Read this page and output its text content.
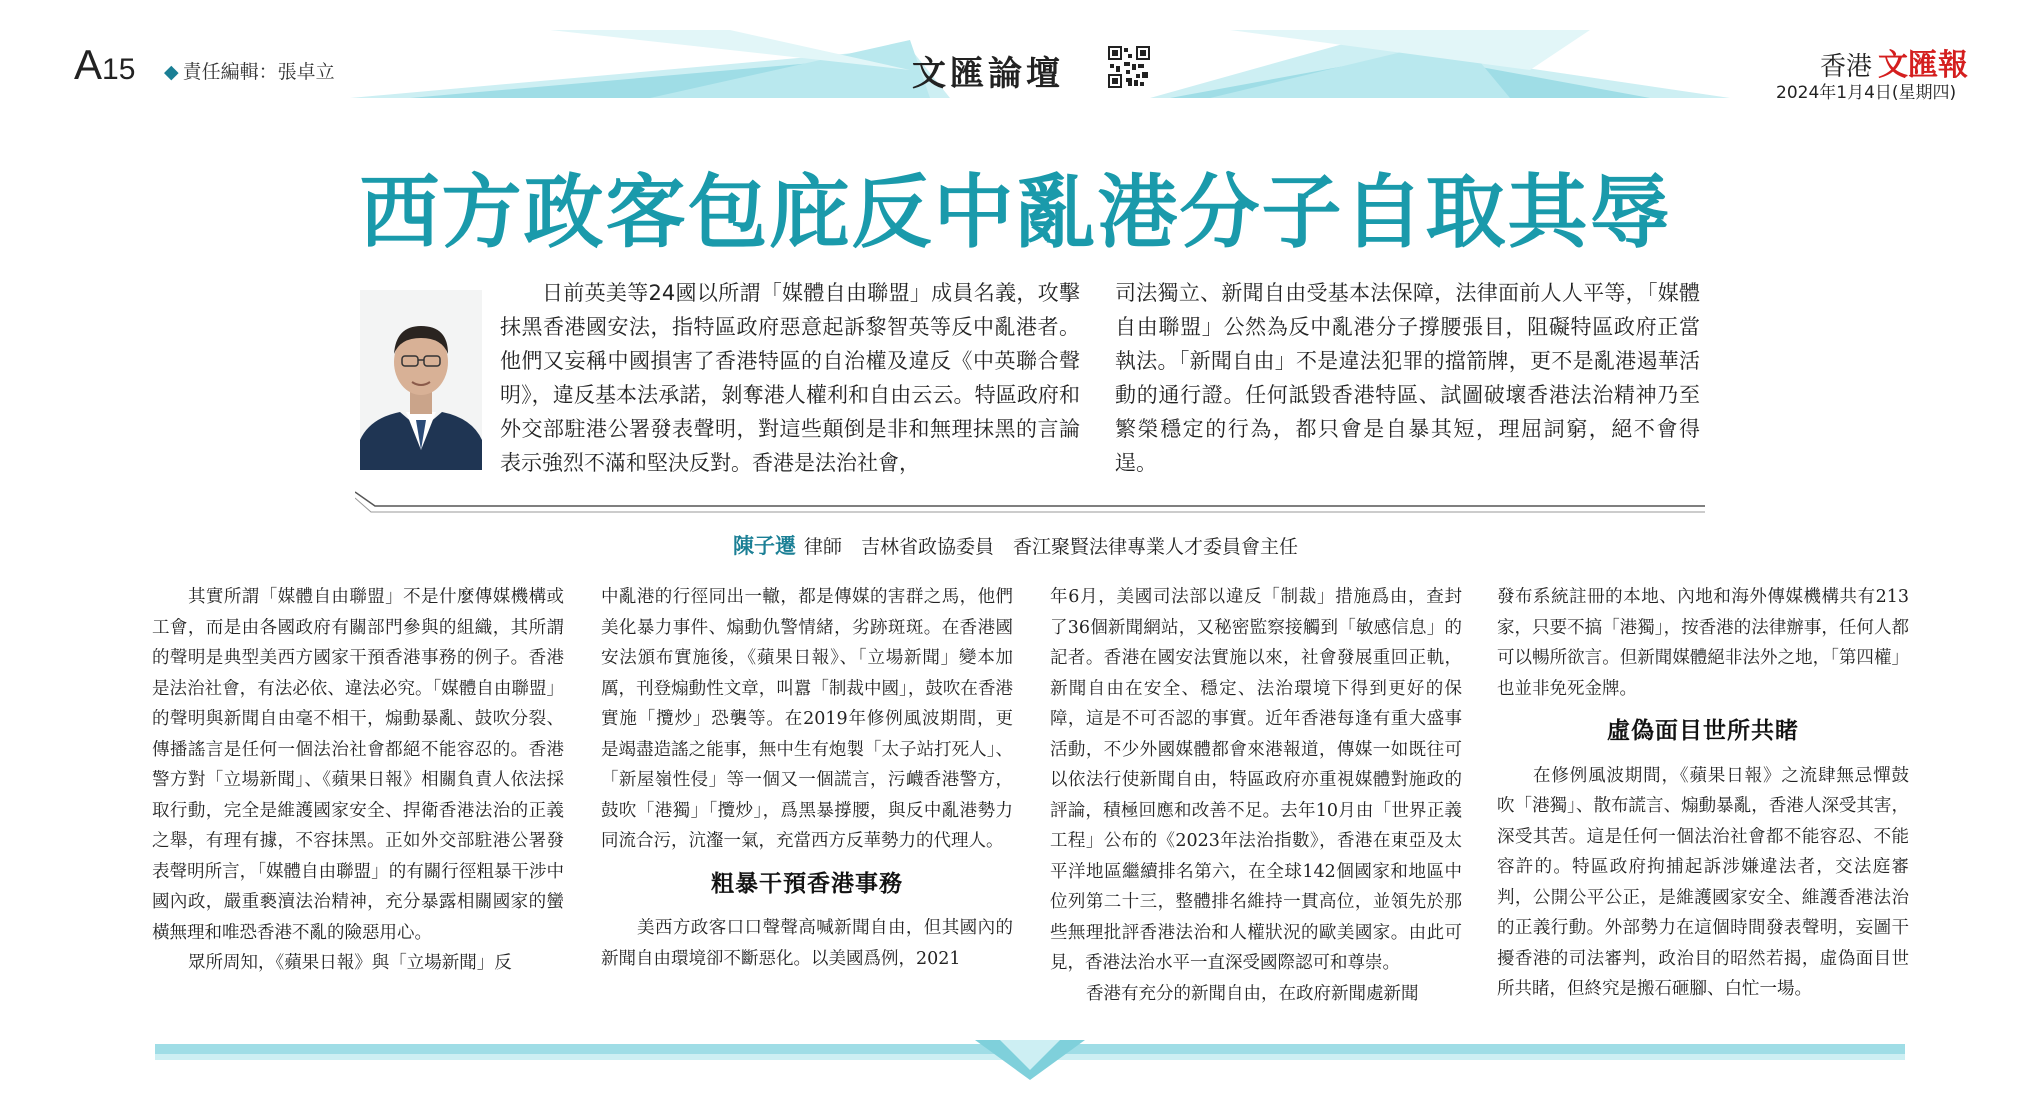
A15 ◆ 責任編輯：張卓立	文匯論壇	香港 文匯報
2024年1月4日(星期四)
西方政客包庇反中亂港分子自取其辱
日前英美等24國以所謂「媒體自由聯盟」成員名義，攻擊抹黑香港國安法，指特區政府惡意起訴黎智英等反中亂港者。他們又妄稱中國損害了香港特區的自治權及違反《中英聯合聲明》，違反基本法承諾，剝奪港人權利和自由云云。特區政府和外交部駐港公署發表聲明，對這些顛倒是非和無理抹黑的言論表示強烈不滿和堅決反對。香港是法治社會，
司法獨立、新聞自由受基本法保障，法律面前人人平等，「媒體自由聯盟」公然為反中亂港分子撐腰張目，阻礙特區政府正當執法。「新聞自由」不是違法犯罪的擋箭牌，更不是亂港遏華活動的通行證。任何詆毀香港特區、試圖破壞香港法治精神乃至繁榮穩定的行為，都只會是自暴其短，理屈詞窮，絕不會得逞。
陳子遷 律師　吉林省政協委員　香江聚賢法律專業人才委員會主任

其實所謂「媒體自由聯盟」不是什麼傳媒機構或工會，而是由各國政府有關部門參與的組織，其所謂的聲明是典型美西方國家干預香港事務的例子。香港是法治社會，有法必依、違法必究。「媒體自由聯盟」的聲明與新聞自由毫不相干，煽動暴亂、鼓吹分裂、傳播謠言是任何一個法治社會都絕不能容忍的。香港警方對「立場新聞」、《蘋果日報》相關負責人依法採取行動，完全是維護國家安全、捍衛香港法治的正義之舉，有理有據，不容抹黑。正如外交部駐港公署發表聲明所言，「媒體自由聯盟」的有關行徑粗暴干涉中國內政，嚴重褻瀆法治精神，充分暴露相關國家的蠻橫無理和唯恐香港不亂的險惡用心。

眾所周知，《蘋果日報》與「立場新聞」反

中亂港的行徑同出一轍，都是傳媒的害群之馬，他們美化暴力事件、煽動仇警情緒，劣跡斑斑。在香港國安法頒布實施後，《蘋果日報》、「立場新聞」變本加厲，刊登煽動性文章，叫囂「制裁中國」，鼓吹在香港實施「攬炒」恐襲等。在2019年修例風波期間，更是竭盡造謠之能事，無中生有炮製「太子站打死人」、「新屋嶺性侵」等一個又一個謊言，污衊香港警方，鼓吹「港獨」「攬炒」，爲黑暴撐腰，與反中亂港勢力同流合污，沆瀣一氣，充當西方反華勢力的代理人。

粗暴干預香港事務

美西方政客口口聲聲高喊新聞自由，但其國內的新聞自由環境卻不斷惡化。以美國爲例，2021

年6月，美國司法部以違反「制裁」措施爲由，查封了36個新聞網站，又秘密監察接觸到「敏感信息」的記者。香港在國安法實施以來，社會發展重回正軌，新聞自由在安全、穩定、法治環境下得到更好的保障，這是不可否認的事實。近年香港每逢有重大盛事活動，不少外國媒體都會來港報道，傳媒一如既往可以依法行使新聞自由，特區政府亦重視媒體對施政的評論，積極回應和改善不足。去年10月由「世界正義工程」公布的《2023年法治指數》，香港在東亞及太平洋地區繼續排名第六，在全球142個國家和地區中位列第二十三，整體排名維持一貫高位，並領先於那些無理批評香港法治和人權狀況的歐美國家。由此可見，香港法治水平一直深受國際認可和尊崇。

香港有充分的新聞自由，在政府新聞處新聞

發布系統註冊的本地、內地和海外傳媒機構共有213家，只要不搞「港獨」，按香港的法律辦事，任何人都可以暢所欲言。但新聞媒體絕非法外之地，「第四權」也並非免死金牌。

虛偽面目世所共睹

在修例風波期間，《蘋果日報》之流肆無忌憚鼓吹「港獨」、散布謊言、煽動暴亂，香港人深受其害，深受其苦。這是任何一個法治社會都不能容忍、不能容許的。特區政府拘捕起訴涉嫌違法者，交法庭審判，公開公平公正，是維護國家安全、維護香港法治的正義行動。外部勢力在這個時間發表聲明，妄圖干擾香港的司法審判，政治目的昭然若揭，虛偽面目世所共睹，但終究是搬石砸腳、白忙一場。
